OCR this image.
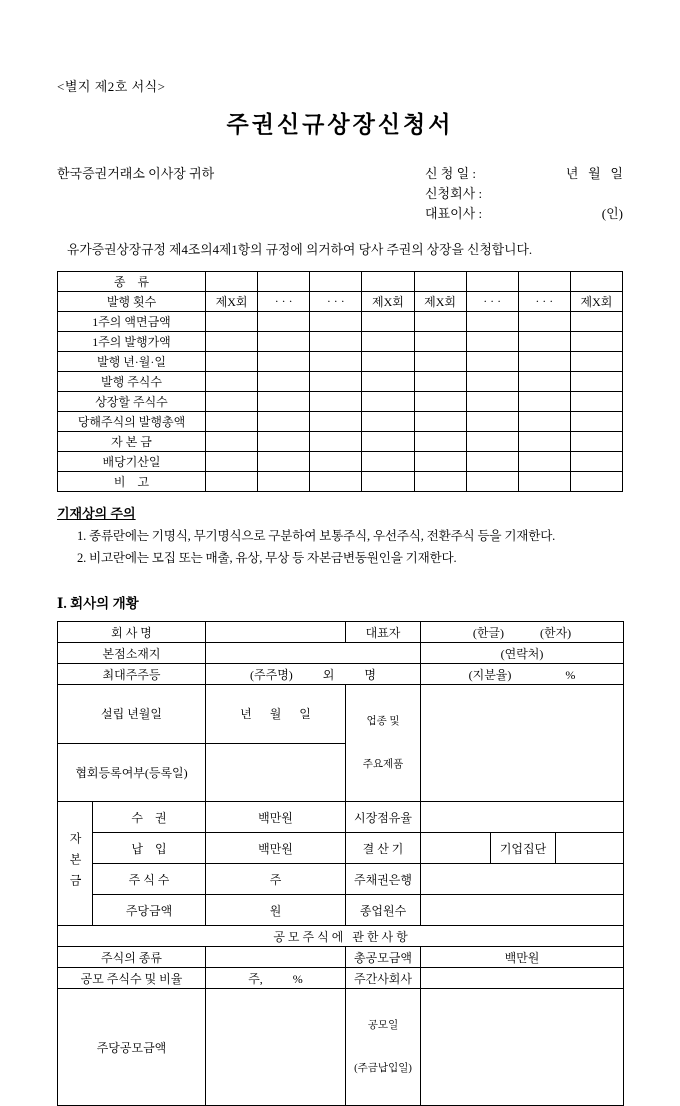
<별지 제2호 서식>
주권신규상장신청서
한국증권거래소 이사장 귀하	신 청 일 :	년   월   일
신청회사 :
대표이사 :	(인)

유가증권상장규정 제4조의4제1항의 규정에 의거하여 당사 주권의 상장을 신청합니다.

종    류								
발행 횟수	제X회	· · ·	· · ·	제X회	제X회	· · ·	· · ·	제X회
1주의 액면금액								
1주의 발행가액								
발행 년·월·일								
발행 주식수								
상장할 주식수								
당해주식의 발행총액								
자 본 금								
배당기산일								
비    고								
기재상의 주의
1. 종류란에는 기명식, 무기명식으로 구분하여 보통주식, 우선주식, 전환주식 등을 기재한다.
2. 비고란에는 모집 또는 매출, 유상, 무상 등 자본금변동원인을 기재한다.
Ⅰ. 회사의 개황
회 사 명			대표자	(한글)            (한자)		
본점소재지				(연락처)		
최대주주등		(주주명)          외          명		(지분율)                  %		
설립 년월일		년      월      일	업종 및

주요제품			

협회등록여부(등록일)						

자본금	수    권	백만원	시장점유율			
	납    입	백만원	결 산 기		기업집단	
	주 식 수	주	주채권은행			
	주당금액	원	종업원수			
공 모 주 식 에   관 한 사 항						
주식의 종류			총공모금액	백만원		
공모 주식수 및 비율		주,          %	주간사회사			
주당공모금액			공모일

(주금납입일)			
